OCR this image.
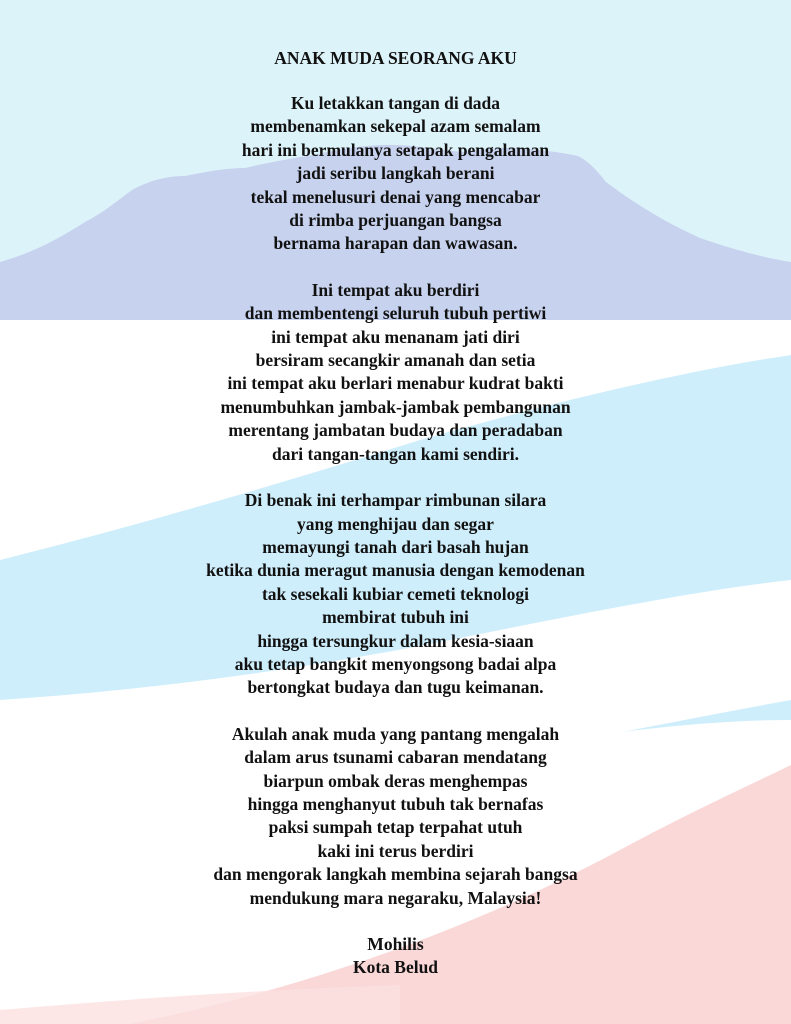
ANAK MUDA SEORANG AKU
Ku letakkan tangan di dada
membenamkan sekepal azam semalam
hari ini bermulanya setapak pengalaman
jadi seribu langkah berani
tekal menelusuri denai yang mencabar
di rimba perjuangan bangsa
bernama harapan dan wawasan.
Ini tempat aku berdiri
dan membentengi seluruh tubuh pertiwi
ini tempat aku menanam jati diri
bersiram secangkir amanah dan setia
ini tempat aku berlari menabur kudrat bakti
menumbuhkan jambak-jambak pembangunan
merentang jambatan budaya dan peradaban
dari tangan-tangan kami sendiri.
Di benak ini terhampar rimbunan silara
yang menghijau dan segar
memayungi tanah dari basah hujan
ketika dunia meragut manusia dengan kemodenan
tak sesekali kubiar cemeti teknologi
membirat tubuh ini
hingga tersungkur dalam kesia-siaan
aku tetap bangkit menyongsong badai alpa
bertongkat budaya dan tugu keimanan.
Akulah anak muda yang pantang mengalah
dalam arus tsunami cabaran mendatang
biarpun ombak deras menghempas
hingga menghanyut tubuh tak bernafas
paksi sumpah tetap terpahat utuh
kaki ini terus berdiri
dan mengorak langkah membina sejarah bangsa
mendukung mara negaraku, Malaysia!
Mohilis
Kota Belud
